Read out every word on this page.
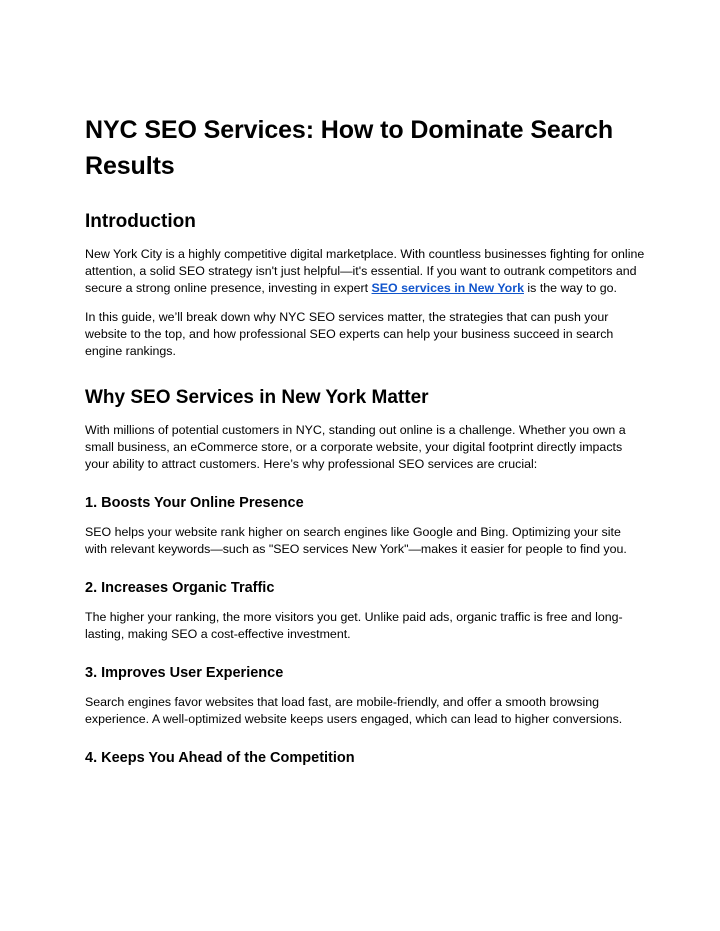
NYC SEO Services: How to Dominate Search Results
Introduction

New York City is a highly competitive digital marketplace. With countless businesses fighting for online attention, a solid SEO strategy isn't just helpful—it's essential. If you want to outrank competitors and secure a strong online presence, investing in expert SEO services in New York is the way to go.

In this guide, we’ll break down why NYC SEO services matter, the strategies that can push your website to the top, and how professional SEO experts can help your business succeed in search engine rankings.

Why SEO Services in New York Matter

With millions of potential customers in NYC, standing out online is a challenge. Whether you own a small business, an eCommerce store, or a corporate website, your digital footprint directly impacts your ability to attract customers. Here’s why professional SEO services are crucial:

1. Boosts Your Online Presence

SEO helps your website rank higher on search engines like Google and Bing. Optimizing your site with relevant keywords—such as "SEO services New York"—makes it easier for people to find you.

2. Increases Organic Traffic

The higher your ranking, the more visitors you get. Unlike paid ads, organic traffic is free and long-lasting, making SEO a cost-effective investment.

3. Improves User Experience

Search engines favor websites that load fast, are mobile-friendly, and offer a smooth browsing experience. A well-optimized website keeps users engaged, which can lead to higher conversions.

4. Keeps You Ahead of the Competition
